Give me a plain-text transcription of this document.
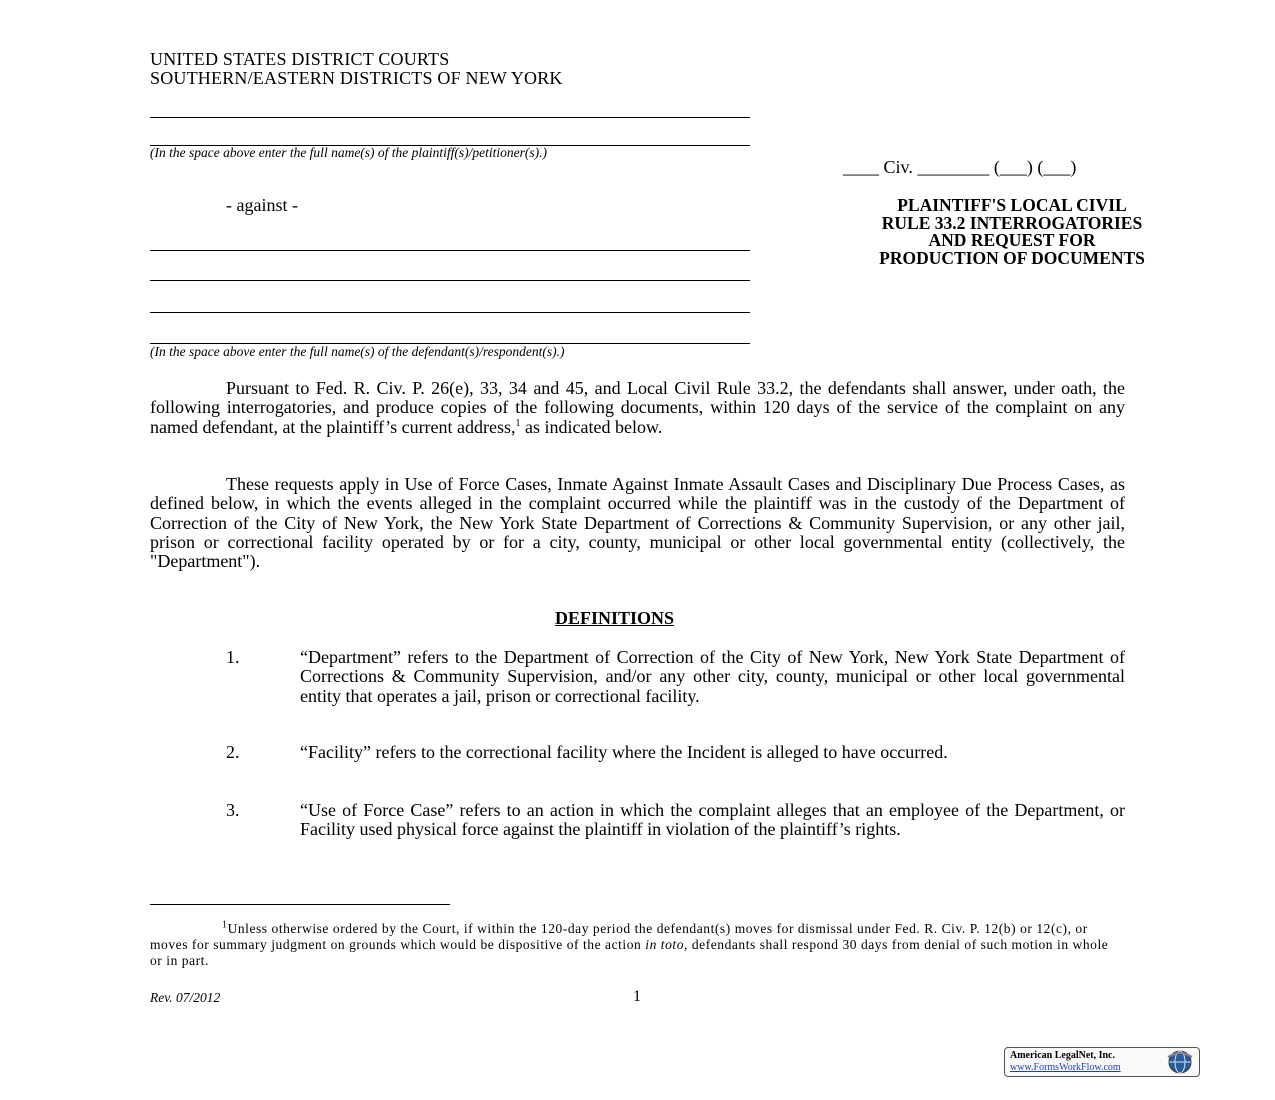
UNITED STATES DISTRICT COURTS
SOUTHERN/EASTERN DISTRICTS OF NEW YORK
(In the space above enter the full name(s) of the plaintiff(s)/petitioner(s).)
- against -
(In the space above enter the full name(s) of the defendant(s)/respondent(s).)
____ Civ. ________ (___) (___)
PLAINTIFF'S LOCAL CIVIL
RULE 33.2 INTERROGATORIES
AND REQUEST FOR
PRODUCTION OF DOCUMENTS

Pursuant to Fed. R. Civ. P. 26(e), 33, 34 and 45, and Local Civil Rule 33.2, the defendants shall answer, under oath, the following interrogatories, and produce copies of the following documents, within 120 days of the service of the complaint on any named defendant, at the plaintiff’s current address,$^1$ as indicated below.

These requests apply in Use of Force Cases, Inmate Against Inmate Assault Cases and Disciplinary Due Process Cases, as defined below, in which the events alleged in the complaint occurred while the plaintiff was in the custody of the Department of Correction of the City of New York, the New York State Department of Corrections & Community Supervision, or any other jail, prison or correctional facility operated by or for a city, county, municipal or other local governmental entity (collectively, the "Department").

DEFINITIONS
1.	“Department” refers to the Department of Correction of the City of New York, New York State Department of Corrections & Community Supervision, and/or any other city, county, municipal or other local governmental entity that operates a jail, prison or correctional facility.

2.	“Facility” refers to the correctional facility where the Incident is alleged to have occurred.

3.	“Use of Force Case” refers to an action in which the complaint alleges that an employee of the Department, or Facility used physical force against the plaintiff in violation of the plaintiff’s rights.

$^1$Unless otherwise ordered by the Court, if within the 120-day period the defendant(s) moves for dismissal under Fed. R. Civ. P. 12(b) or 12(c), or moves for summary judgment on grounds which would be dispositive of the action in toto, defendants shall respond 30 days from denial of such motion in whole or in part.

Rev. 07/2012	1
American LegalNet, Inc.
www.FormsWorkFlow.com
